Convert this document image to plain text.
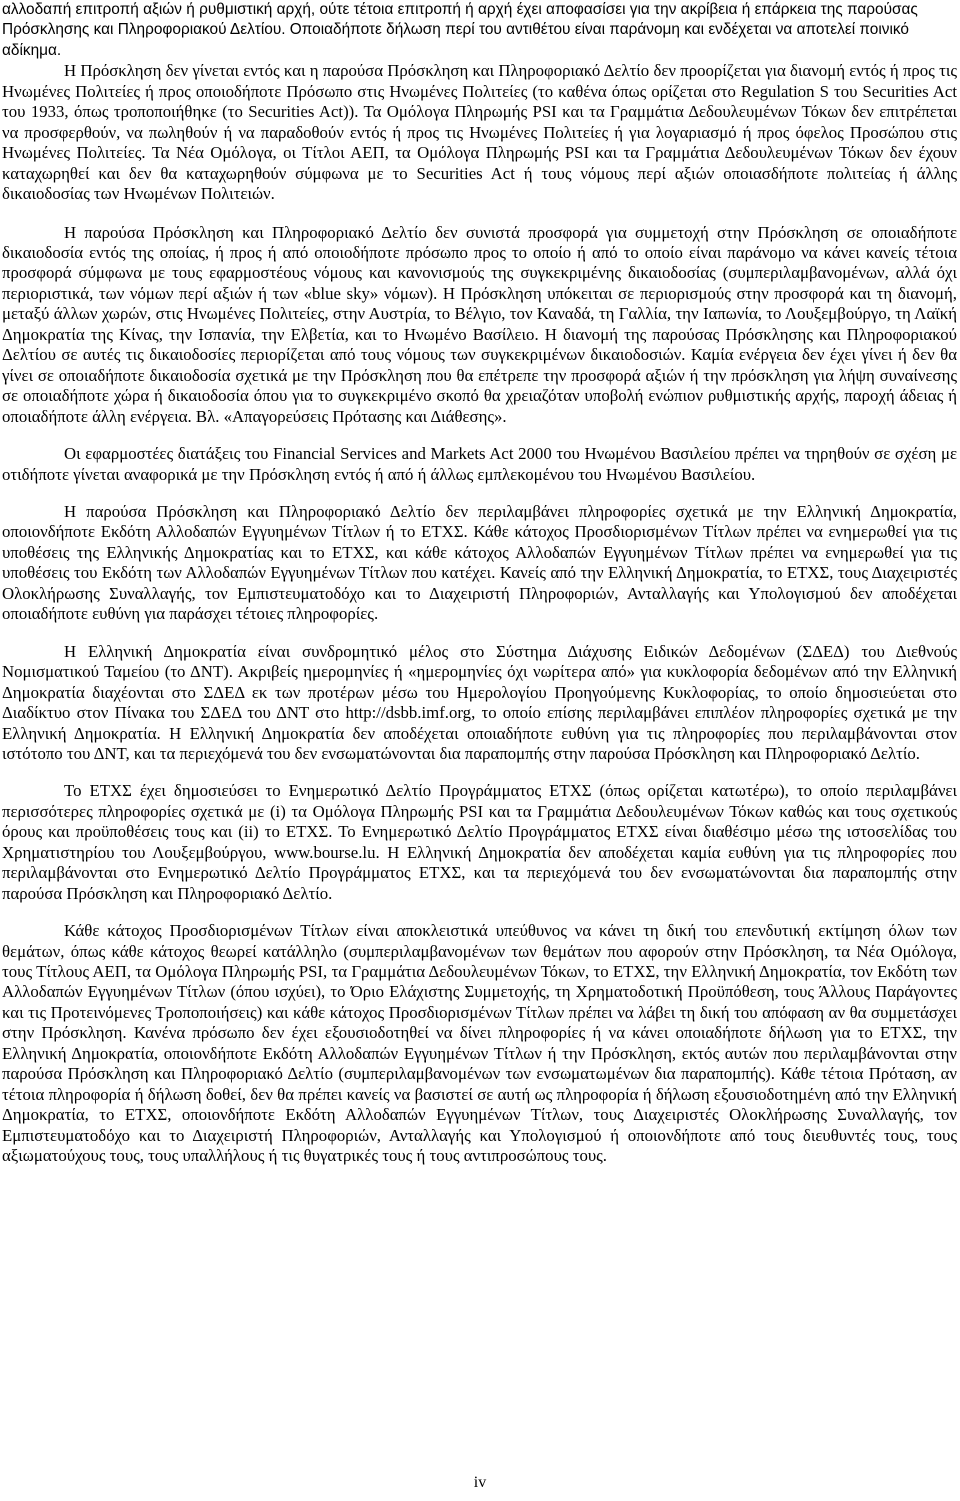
αλλοδαπή επιτροπή αξιών ή ρυθμιστική αρχή, ούτε τέτοια επιτροπή ή αρχή έχει αποφασίσει για την ακρίβεια ή επάρκεια της παρούσας Πρόσκλησης και Πληροφοριακού Δελτίου. Οποιαδήποτε δήλωση περί του αντιθέτου είναι παράνομη και ενδέχεται να αποτελεί ποινικό αδίκημα.

Η Πρόσκληση δεν γίνεται εντός και η παρούσα Πρόσκληση και Πληροφοριακό Δελτίο δεν προορίζεται για διανομή εντός ή προς τις Ηνωμένες Πολιτείες ή προς οποιοδήποτε Πρόσωπο στις Ηνωμένες Πολιτείες (το καθένα όπως ορίζεται στο Regulation S του Securities Act του 1933, όπως τροποποιήθηκε (το Securities Act)). Τα Ομόλογα Πληρωμής PSI και τα Γραμμάτια Δεδουλευμένων Τόκων δεν επιτρέπεται να προσφερθούν, να πωληθούν ή να παραδοθούν εντός ή προς τις Ηνωμένες Πολιτείες ή για λογαριασμό ή προς όφελος Προσώπου στις Ηνωμένες Πολιτείες. Τα Νέα Ομόλογα, οι Τίτλοι ΑΕΠ, τα Ομόλογα Πληρωμής PSI και τα Γραμμάτια Δεδουλευμένων Τόκων δεν έχουν καταχωρηθεί και δεν θα καταχωρηθούν σύμφωνα με το Securities Act ή τους νόμους περί αξιών οποιασδήποτε πολιτείας ή άλλης δικαιοδοσίας των Ηνωμένων Πολιτειών.

Η παρούσα Πρόσκληση και Πληροφοριακό Δελτίο δεν συνιστά προσφορά για συμμετοχή στην Πρόσκληση σε οποιαδήποτε δικαιοδοσία εντός της οποίας, ή προς ή από οποιοδήποτε πρόσωπο προς το οποίο ή από το οποίο είναι παράνομο να κάνει κανείς τέτοια προσφορά σύμφωνα με τους εφαρμοστέους νόμους και κανονισμούς της συγκεκριμένης δικαιοδοσίας (συμπεριλαμβανομένων, αλλά όχι περιοριστικά, των νόμων περί αξιών ή των «blue sky» νόμων). Η Πρόσκληση υπόκειται σε περιορισμούς στην προσφορά και τη διανομή, μεταξύ άλλων χωρών, στις Ηνωμένες Πολιτείες, στην Αυστρία, το Βέλγιο, τον Καναδά, τη Γαλλία, την Ιαπωνία, το Λουξεμβούργο, τη Λαϊκή Δημοκρατία της Κίνας, την Ισπανία, την Ελβετία, και το Ηνωμένο Βασίλειο. Η διανομή της παρούσας Πρόσκλησης και Πληροφοριακού Δελτίου σε αυτές τις δικαιοδοσίες περιορίζεται από τους νόμους των συγκεκριμένων δικαιοδοσιών. Καμία ενέργεια δεν έχει γίνει ή δεν θα γίνει σε οποιαδήποτε δικαιοδοσία σχετικά με την Πρόσκληση που θα επέτρεπε την προσφορά αξιών ή την πρόσκληση για λήψη συναίνεσης σε οποιαδήποτε χώρα ή δικαιοδοσία όπου για το συγκεκριμένο σκοπό θα χρειαζόταν υποβολή ενώπιον ρυθμιστικής αρχής, παροχή άδειας ή οποιαδήποτε άλλη ενέργεια. Βλ. «Απαγορεύσεις Πρότασης και Διάθεσης».

Οι εφαρμοστέες διατάξεις του Financial Services and Markets Act 2000 του Ηνωμένου Βασιλείου πρέπει να τηρηθούν σε σχέση με οτιδήποτε γίνεται αναφορικά με την Πρόσκληση εντός ή από ή άλλως εμπλεκομένου του Ηνωμένου Βασιλείου.

Η παρούσα Πρόσκληση και Πληροφοριακό Δελτίο δεν περιλαμβάνει πληροφορίες σχετικά με την Ελληνική Δημοκρατία, οποιονδήποτε Εκδότη Αλλοδαπών Εγγυημένων Τίτλων ή το ΕΤΧΣ. Κάθε κάτοχος Προσδιορισμένων Τίτλων πρέπει να ενημερωθεί για τις υποθέσεις της Ελληνικής Δημοκρατίας και το ΕΤΧΣ, και κάθε κάτοχος Αλλοδαπών Εγγυημένων Τίτλων πρέπει να ενημερωθεί για τις υποθέσεις του Εκδότη των Αλλοδαπών Εγγυημένων Τίτλων που κατέχει. Κανείς από την Ελληνική Δημοκρατία, το ΕΤΧΣ, τους Διαχειριστές Ολοκλήρωσης Συναλλαγής, τον Εμπιστευματοδόχο και το Διαχειριστή Πληροφοριών, Ανταλλαγής και Υπολογισμού δεν αποδέχεται οποιαδήποτε ευθύνη για παράσχει τέτοιες πληροφορίες.

Η Ελληνική Δημοκρατία είναι συνδρομητικό μέλος στο Σύστημα Διάχυσης Ειδικών Δεδομένων (ΣΔΕΔ) του Διεθνούς Νομισματικού Ταμείου (το ΔΝΤ). Ακριβείς ημερομηνίες ή «ημερομηνίες όχι νωρίτερα από» για κυκλοφορία δεδομένων από την Ελληνική Δημοκρατία διαχέονται στο ΣΔΕΔ εκ των προτέρων μέσω του Ημερολογίου Προηγούμενης Κυκλοφορίας, το οποίο δημοσιεύεται στο Διαδίκτυο στον Πίνακα του ΣΔΕΔ του ΔΝΤ στο http://dsbb.imf.org, το οποίο επίσης περιλαμβάνει επιπλέον πληροφορίες σχετικά με την Ελληνική Δημοκρατία. Η Ελληνική Δημοκρατία δεν αποδέχεται οποιαδήποτε ευθύνη για τις πληροφορίες που περιλαμβάνονται στον ιστότοπο του ΔΝΤ, και τα περιεχόμενά του δεν ενσωματώνονται δια παραπομπής στην παρούσα Πρόσκληση και Πληροφοριακό Δελτίο.

Το ΕΤΧΣ έχει δημοσιεύσει το Ενημερωτικό Δελτίο Προγράμματος ΕΤΧΣ (όπως ορίζεται κατωτέρω), το οποίο περιλαμβάνει περισσότερες πληροφορίες σχετικά με (i) τα Ομόλογα Πληρωμής PSI και τα Γραμμάτια Δεδουλευμένων Τόκων καθώς και τους σχετικούς όρους και προϋποθέσεις τους και (ii) το ΕΤΧΣ. Το Ενημερωτικό Δελτίο Προγράμματος ΕΤΧΣ είναι διαθέσιμο μέσω της ιστοσελίδας του Χρηματιστηρίου του Λουξεμβούργου, www.bourse.lu. Η Ελληνική Δημοκρατία δεν αποδέχεται καμία ευθύνη για τις πληροφορίες που περιλαμβάνονται στο Ενημερωτικό Δελτίο Προγράμματος ΕΤΧΣ, και τα περιεχόμενά του δεν ενσωματώνονται δια παραπομπής στην παρούσα Πρόσκληση και Πληροφοριακό Δελτίο.

Κάθε κάτοχος Προσδιορισμένων Τίτλων είναι αποκλειστικά υπεύθυνος να κάνει τη δική του επενδυτική εκτίμηση όλων των θεμάτων, όπως κάθε κάτοχος θεωρεί κατάλληλο (συμπεριλαμβανομένων των θεμάτων που αφορούν στην Πρόσκληση, τα Νέα Ομόλογα, τους Τίτλους ΑΕΠ, τα Ομόλογα Πληρωμής PSI, τα Γραμμάτια Δεδουλευμένων Τόκων, το ΕΤΧΣ, την Ελληνική Δημοκρατία, τον Εκδότη των Αλλοδαπών Εγγυημένων Τίτλων (όπου ισχύει), το Όριο Ελάχιστης Συμμετοχής, τη Χρηματοδοτική Προϋπόθεση, τους Άλλους Παράγοντες και τις Προτεινόμενες Τροποποιήσεις) και κάθε κάτοχος Προσδιορισμένων Τίτλων πρέπει να λάβει τη δική του απόφαση αν θα συμμετάσχει στην Πρόσκληση. Κανένα πρόσωπο δεν έχει εξουσιοδοτηθεί να δίνει πληροφορίες ή να κάνει οποιαδήποτε δήλωση για το ΕΤΧΣ, την Ελληνική Δημοκρατία, οποιονδήποτε Εκδότη Αλλοδαπών Εγγυημένων Τίτλων ή την Πρόσκληση, εκτός αυτών που περιλαμβάνονται στην παρούσα Πρόσκληση και Πληροφοριακό Δελτίο (συμπεριλαμβανομένων των ενσωματωμένων δια παραπομπής). Κάθε τέτοια Πρόταση, αν τέτοια πληροφορία ή δήλωση δοθεί, δεν θα πρέπει κανείς να βασιστεί σε αυτή ως πληροφορία ή δήλωση εξουσιοδοτημένη από την Ελληνική Δημοκρατία, το ΕΤΧΣ, οποιονδήποτε Εκδότη Αλλοδαπών Εγγυημένων Τίτλων, τους Διαχειριστές Ολοκλήρωσης Συναλλαγής, τον Εμπιστευματοδόχο και το Διαχειριστή Πληροφοριών, Ανταλλαγής και Υπολογισμού ή οποιονδήποτε από τους διευθυντές τους, τους αξιωματούχους τους, τους υπαλλήλους ή τις θυγατρικές τους ή τους αντιπροσώπους τους.

iv
